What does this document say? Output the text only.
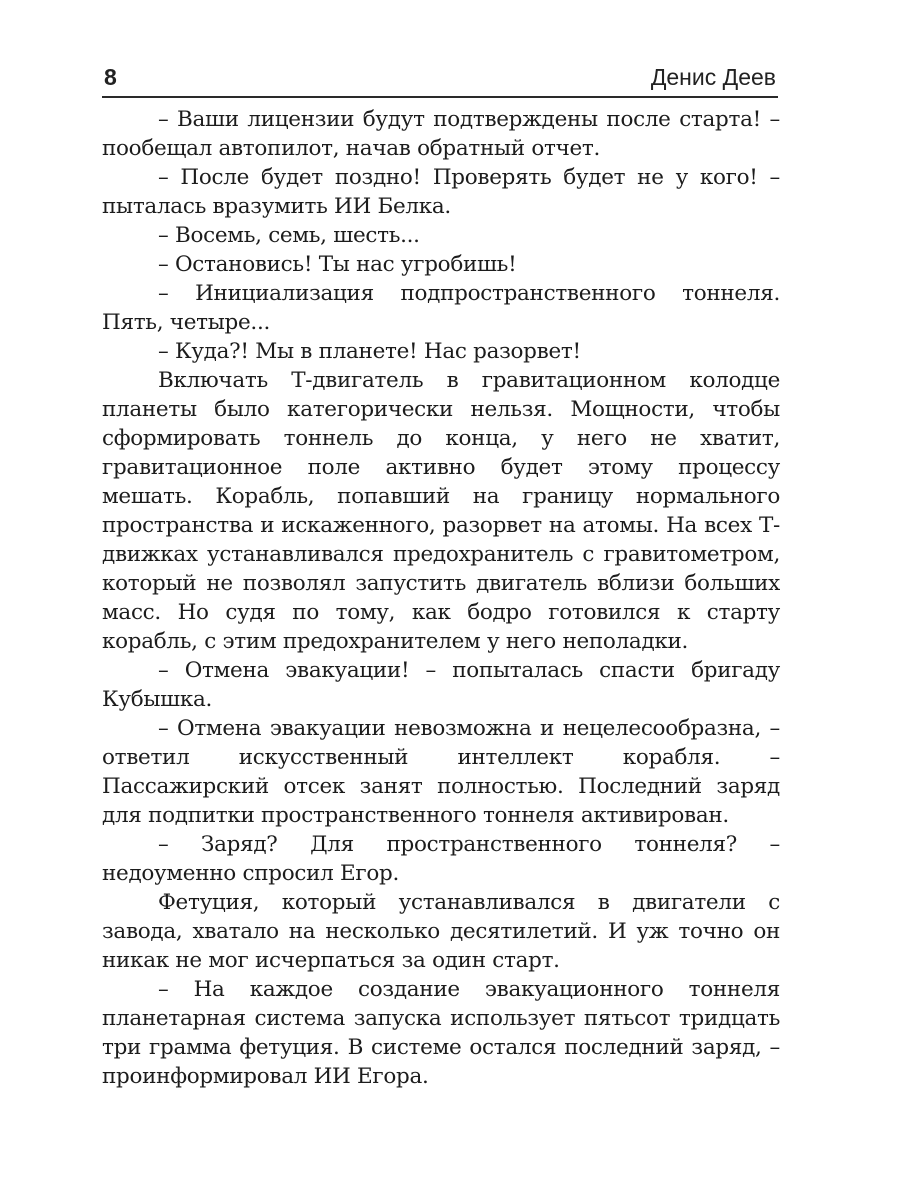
8	Денис Деев

– Ваши лицензии будут подтверждены после старта! – пообещал автопилот, начав обратный отчет.

– После будет поздно! Проверять будет не у кого! – пыталась вразумить ИИ Белка.

– Восемь, семь, шесть...

– Остановись! Ты нас угробишь!

– Инициализация подпространственного тоннеля. Пять, четыре...

– Куда?! Мы в планете! Нас разорвет!

Включать Т-двигатель в гравитационном колодце планеты было категорически нельзя. Мощности, чтобы сформировать тоннель до конца, у него не хватит, гравитационное поле активно будет этому процессу мешать. Корабль, попавший на границу нормального пространства и искаженного, разорвет на атомы. На всех Т-движках устанавливался предохранитель с гравитометром, который не позволял запустить двигатель вблизи больших масс. Но судя по тому, как бодро готовился к старту корабль, с этим предохранителем у него неполадки.

– Отмена эвакуации! – попыталась спасти бригаду Кубышка.

– Отмена эвакуации невозможна и нецелесообразна, – ответил искусственный интеллект корабля. – Пассажирский отсек занят полностью. Последний заряд для подпитки пространственного тоннеля активирован.

– Заряд? Для пространственного тоннеля? – недоуменно спросил Егор.

Фетуция, который устанавливался в двигатели с завода, хватало на несколько десятилетий. И уж точно он никак не мог исчерпаться за один старт.

– На каждое создание эвакуационного тоннеля планетарная система запуска использует пятьсот тридцать три грамма фетуция. В системе остался последний заряд, – проинформировал ИИ Егора.
